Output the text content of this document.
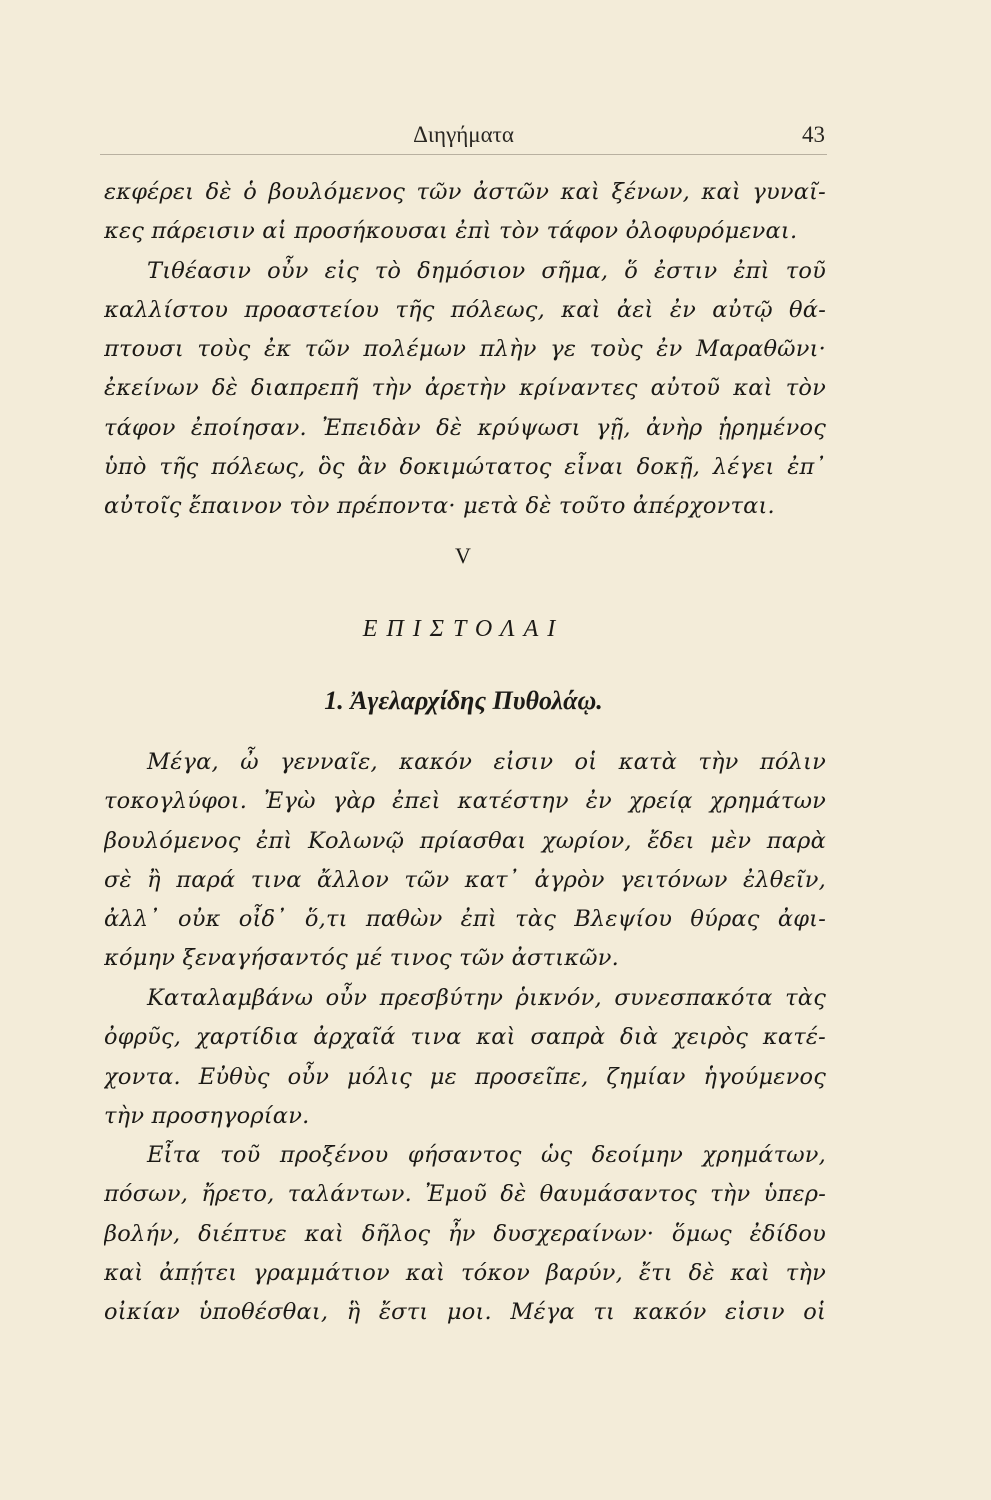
Διηγήματα	43
εκφέρει δὲ ὁ βουλόμενος τῶν ἀστῶν καὶ ξένων, καὶ γυναῖ-
κες πάρεισιν αἱ προσήκουσαι ἐπὶ τὸν τάφον ὀλοφυρόμεναι.
Τιθέασιν οὖν εἰς τὸ δημόσιον σῆμα, ὅ ἐστιν ἐπὶ τοῦ
καλλίστου προαστείου τῆς πόλεως, καὶ ἀεὶ ἐν αὐτῷ θά-
πτουσι τοὺς ἐκ τῶν πολέμων πλὴν γε τοὺς ἐν Μαραθῶνι·
ἐκείνων δὲ διαπρεπῆ τὴν ἀρετὴν κρίναντες αὐτοῦ καὶ τὸν
τάφον ἐποίησαν. Ἐπειδὰν δὲ κρύψωσι γῇ, ἀνὴρ ᾑρημένος
ὑπὸ τῆς πόλεως, ὃς ἂν δοκιμώτατος εἶναι δοκῇ, λέγει ἐπ᾽
αὐτοῖς ἔπαινον τὸν πρέποντα· μετὰ δὲ τοῦτο ἀπέρχονται.
V
ΕΠΙΣΤΟΛΑΙ
1. Ἀγελαρχίδης Πυθολάῳ.
Μέγα, ὦ γενναῖε, κακόν εἰσιν οἱ κατὰ τὴν πόλιν
τοκογλύφοι. Ἐγὼ γὰρ ἐπεὶ κατέστην ἐν χρείᾳ χρημάτων
βουλόμενος ἐπὶ Κολωνῷ πρίασθαι χωρίον, ἔδει μὲν παρὰ
σὲ ἢ παρά τινα ἄλλον τῶν κατ᾽ ἀγρὸν γειτόνων ἐλθεῖν,
ἀλλ᾽ οὐκ οἶδ᾽ ὅ,τι παθὼν ἐπὶ τὰς Βλεψίου θύρας ἀφι-
κόμην ξεναγήσαντός μέ τινος τῶν ἀστικῶν.
Καταλαμβάνω οὖν πρεσβύτην ῥικνόν, συνεσπακότα τὰς
ὀφρῦς, χαρτίδια ἀρχαῖά τινα καὶ σαπρὰ διὰ χειρὸς κατέ-
χοντα. Εὐθὺς οὖν μόλις με προσεῖπε, ζημίαν ἡγούμενος
τὴν προσηγορίαν.
Εἶτα τοῦ προξένου φήσαντος ὡς δεοίμην χρημάτων,
πόσων, ἤρετο, ταλάντων. Ἐμοῦ δὲ θαυμάσαντος τὴν ὑπερ-
βολήν, διέπτυε καὶ δῆλος ἦν δυσχεραίνων· ὅμως ἐδίδου
καὶ ἀπῄτει γραμμάτιον καὶ τόκον βαρύν, ἔτι δὲ καὶ τὴν
οἰκίαν ὑποθέσθαι, ἣ ἔστι μοι. Μέγα τι κακόν εἰσιν οἱ
